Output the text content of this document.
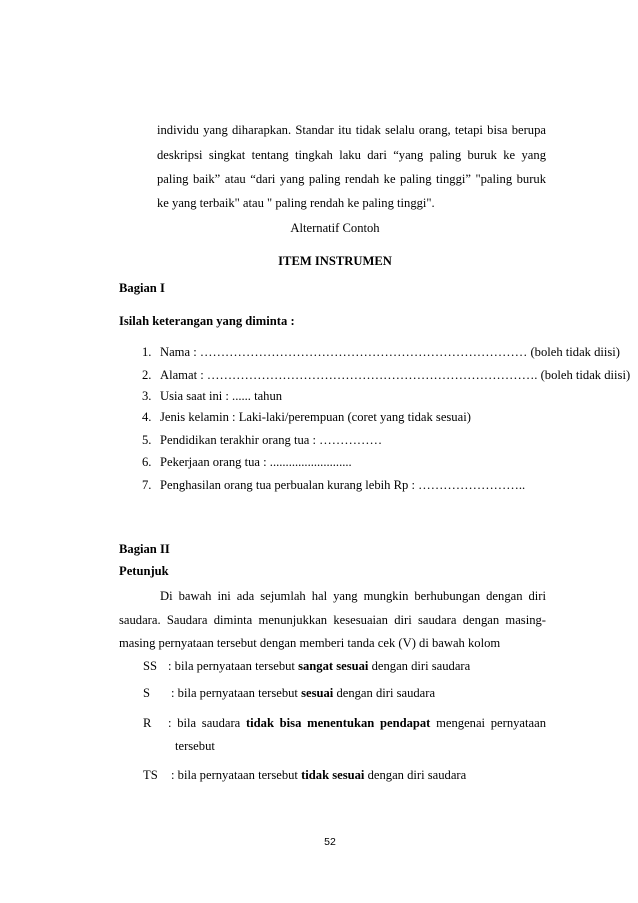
individu yang diharapkan. Standar itu tidak selalu orang, tetapi bisa berupa
deskripsi singkat tentang tingkah laku dari “yang paling buruk ke yang
paling baik” atau “dari yang paling rendah ke paling tinggi” "paling buruk
ke yang terbaik" atau " paling rendah ke paling tinggi".
Alternatif Contoh
ITEM INSTRUMEN
Bagian I
Isilah keterangan yang diminta :
1. Nama : …………………………………………………………………… (boleh tidak diisi)
2. Alamat : ……………………………………………………………………. (boleh tidak diisi)
3. Usia saat ini : ...... tahun
4. Jenis kelamin : Laki-laki/perempuan (coret yang tidak sesuai)
5. Pendidikan terakhir orang tua : ……………
6. Pekerjaan orang tua : ..........................
7. Penghasilan orang tua perbualan kurang lebih Rp : ……………………..
Bagian II
Petunjuk
Di bawah ini ada sejumlah hal yang mungkin berhubungan dengan diri
saudara. Saudara diminta menunjukkan kesesuaian diri saudara dengan masing-
masing pernyataan tersebut dengan memberi tanda cek (V) di bawah kolom
SS : bila pernyataan tersebut sangat sesuai dengan diri saudara
S : bila pernyataan tersebut sesuai dengan diri saudara
R : bila saudara tidak bisa menentukan pendapat mengenai pernyataan
tersebut
TS : bila pernyataan tersebut tidak sesuai dengan diri saudara
52
